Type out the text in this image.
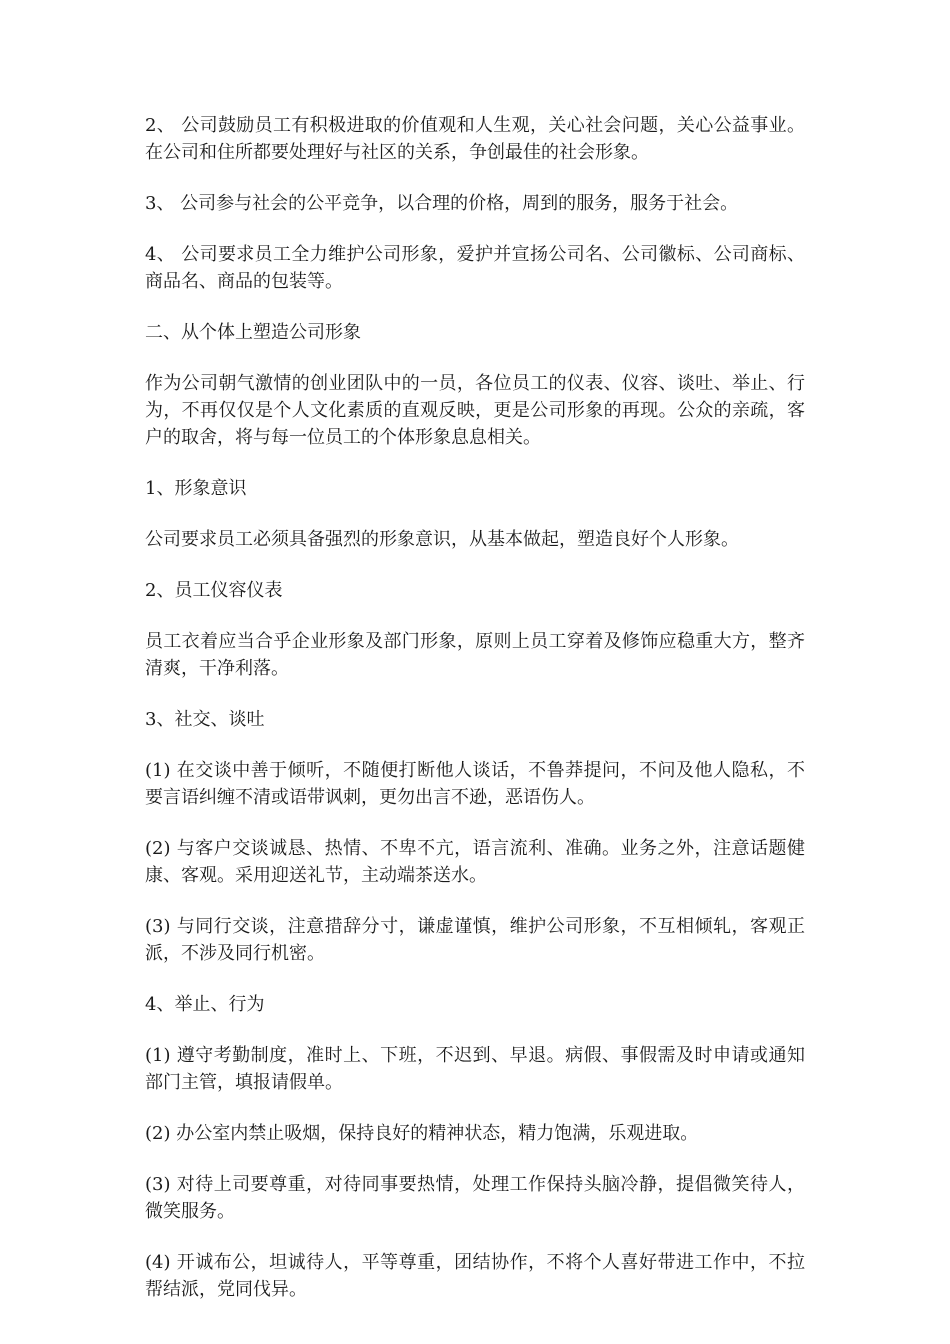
2、 公司鼓励员工有积极进取的价值观和人生观，关心社会问题，关心公益事业。在公司和住所都要处理好与社区的关系，争创最佳的社会形象。

3、 公司参与社会的公平竞争，以合理的价格，周到的服务，服务于社会。

4、 公司要求员工全力维护公司形象，爱护并宣扬公司名、公司徽标、公司商标、商品名、商品的包装等。

二、从个体上塑造公司形象

作为公司朝气激情的创业团队中的一员，各位员工的仪表、仪容、谈吐、举止、行为，不再仅仅是个人文化素质的直观反映，更是公司形象的再现。公众的亲疏，客户的取舍，将与每一位员工的个体形象息息相关。

1、形象意识

公司要求员工必须具备强烈的形象意识，从基本做起，塑造良好个人形象。

2、员工仪容仪表

员工衣着应当合乎企业形象及部门形象，原则上员工穿着及修饰应稳重大方，整齐清爽，干净利落。

3、社交、谈吐

(1) 在交谈中善于倾听，不随便打断他人谈话，不鲁莽提问，不问及他人隐私，不要言语纠缠不清或语带讽刺，更勿出言不逊，恶语伤人。

(2) 与客户交谈诚恳、热情、不卑不亢，语言流利、准确。业务之外，注意话题健康、客观。采用迎送礼节，主动端茶送水。

(3) 与同行交谈，注意措辞分寸，谦虚谨慎，维护公司形象，不互相倾轧，客观正派，不涉及同行机密。

4、举止、行为

(1) 遵守考勤制度，准时上、下班，不迟到、早退。病假、事假需及时申请或通知部门主管，填报请假单。

(2) 办公室内禁止吸烟，保持良好的精神状态，精力饱满，乐观进取。

(3) 对待上司要尊重，对待同事要热情，处理工作保持头脑冷静，提倡微笑待人，微笑服务。

(4) 开诚布公，坦诚待人，平等尊重，团结协作，不将个人喜好带进工作中，不拉帮结派，党同伐异。
